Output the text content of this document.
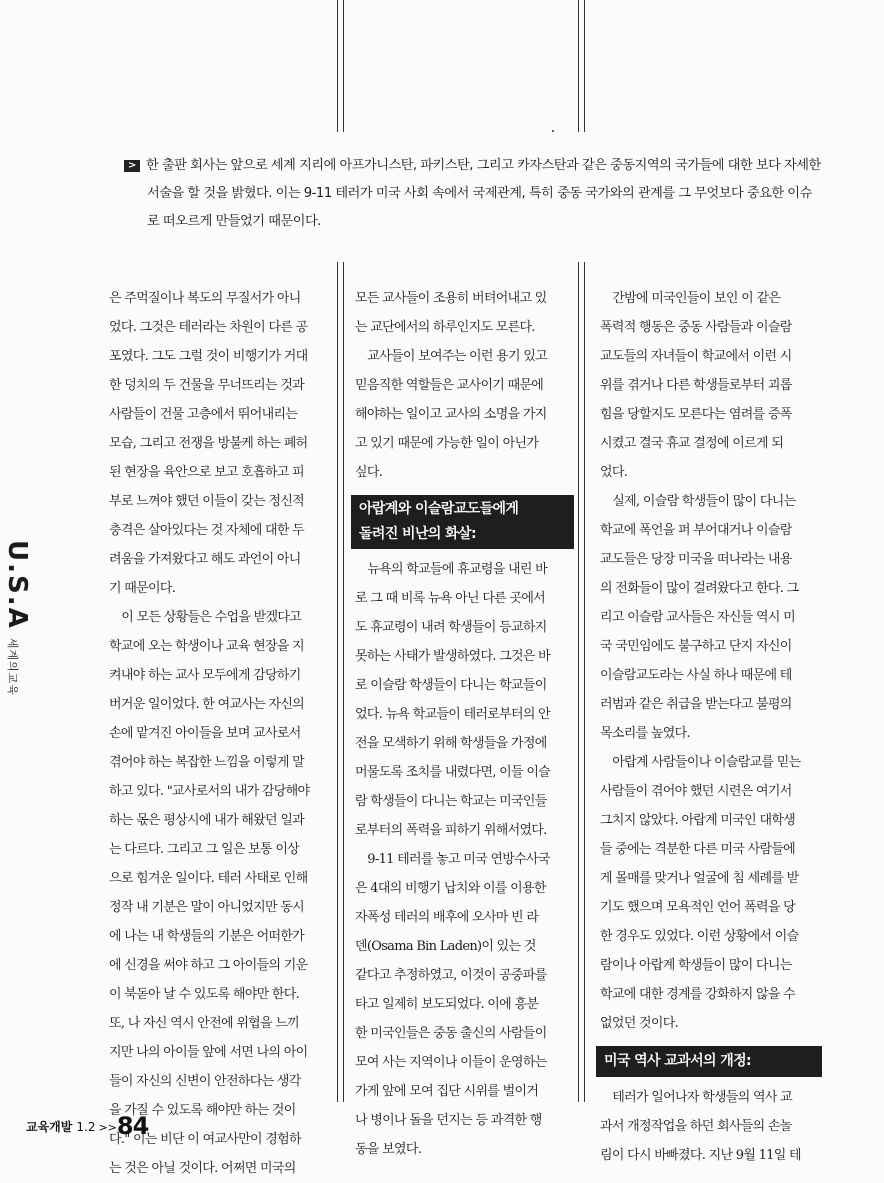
> 한 출판 회사는 앞으로 세계 지리에 아프가니스탄, 파키스탄, 그리고 카자스탄과 같은 중동지역의 국가들에 대한 보다 자세한
서술을 할 것을 밝혔다. 이는 9-11 테러가 미국 사회 속에서 국제관계, 특히 중동 국가와의 관계를 그 무엇보다 중요한 이슈
로 떠오르게 만들었기 때문이다.
U.S.A세계의교육
은 주먹질이나 복도의 무질서가 아니
었다. 그것은 테러라는 차원이 다른 공
포였다. 그도 그럴 것이 비행기가 거대
한 덩치의 두 건물을 무너뜨리는 것과
사람들이 건물 고층에서 뛰어내리는
모습, 그리고 전쟁을 방불케 하는 폐허
된 현장을 육안으로 보고 호흡하고 피
부로 느껴야 했던 이들이 갖는 정신적
충격은 살아있다는 것 자체에 대한 두
려움을 가져왔다고 해도 과언이 아니
기 때문이다.
　이 모든 상황들은 수업을 받겠다고
학교에 오는 학생이나 교육 현장을 지
켜내야 하는 교사 모두에게 감당하기
버거운 일이었다. 한 여교사는 자신의
손에 맡겨진 아이들을 보며 교사로서
겪어야 하는 복잡한 느낌을 이렇게 말
하고 있다. "교사로서의 내가 감당해야
하는 몫은 평상시에 내가 해왔던 일과
는 다르다. 그리고 그 일은 보통 이상
으로 힘겨운 일이다. 테러 사태로 인해
정작 내 기분은 말이 아니었지만 동시
에 나는 내 학생들의 기분은 어떠한가
에 신경을 써야 하고 그 아이들의 기운
이 북돋아 날 수 있도록 해야만 한다.
또, 나 자신 역시 안전에 위협을 느끼
지만 나의 아이들 앞에 서면 나의 아이
들이 자신의 신변이 안전하다는 생각
을 가질 수 있도록 해야만 하는 것이
다." 이는 비단 이 여교사만이 경험하
는 것은 아닐 것이다. 어쩌면 미국의
모든 교사들이 조용히 버텨어내고 있
는 교단에서의 하루인지도 모른다.
　교사들이 보여주는 이런 용기 있고
믿음직한 역할들은 교사이기 때문에
해야하는 일이고 교사의 소명을 가지
고 있기 때문에 가능한 일이 아닌가
싶다.
아랍계와 이슬람교도들에게
돌려진 비난의 화살:
　뉴욕의 학교들에 휴교령을 내린 바
로 그 때 비록 뉴욕 아닌 다른 곳에서
도 휴교령이 내려 학생들이 등교하지
못하는 사태가 발생하였다. 그것은 바
로 이슬람 학생들이 다니는 학교들이
었다. 뉴욕 학교들이 테러로부터의 안
전을 모색하기 위해 학생들을 가정에
머물도록 조치를 내렸다면, 이들 이슬
람 학생들이 다니는 학교는 미국인들
로부터의 폭력을 피하기 위해서였다.
　9-11 테러를 놓고 미국 연방수사국
은 4대의 비행기 납치와 이를 이용한
자폭성 테러의 배후에 오사마 빈 라
덴(Osama Bin Laden)이 있는 것
같다고 추정하였고, 이것이 공중파를
타고 일제히 보도되었다. 이에 흥분
한 미국인들은 중동 출신의 사람들이
모여 사는 지역이나 이들이 운영하는
가게 앞에 모여 집단 시위를 벌이거
나 병이나 돌을 던지는 등 과격한 행
동을 보였다.
　간밤에 미국인들이 보인 이 같은
폭력적 행동은 중동 사람들과 이슬람
교도들의 자녀들이 학교에서 이런 시
위를 겪거나 다른 학생들로부터 괴롭
힘을 당할지도 모른다는 염려를 증폭
시켰고 결국 휴교 결정에 이르게 되
었다.
　실제, 이슬람 학생들이 많이 다니는
학교에 폭언을 퍼 부어대거나 이슬람
교도들은 당장 미국을 떠나라는 내용
의 전화들이 많이 걸려왔다고 한다. 그
리고 이슬람 교사들은 자신들 역시 미
국 국민임에도 불구하고 단지 자신이
이슬람교도라는 사실 하나 때문에 테
러범과 같은 취급을 받는다고 불평의
목소리를 높였다.
　아랍계 사람들이나 이슬람교를 믿는
사람들이 겪어야 했던 시련은 여기서
그치지 않았다. 아랍계 미국인 대학생
들 중에는 격분한 다른 미국 사람들에
게 몰매를 맞거나 얼굴에 침 세례를 받
기도 했으며 모욕적인 언어 폭력을 당
한 경우도 있었다. 이런 상황에서 이슬
람이나 아랍계 학생들이 많이 다니는
학교에 대한 경계를 강화하지 않을 수
없었던 것이다.
미국 역사 교과서의 개정:
　테러가 일어나자 학생들의 역사 교
과서 개정작업을 하던 회사들의 손놀
림이 다시 바빠졌다. 지난 9월 11일 테
교육개발 1.2 >>84
